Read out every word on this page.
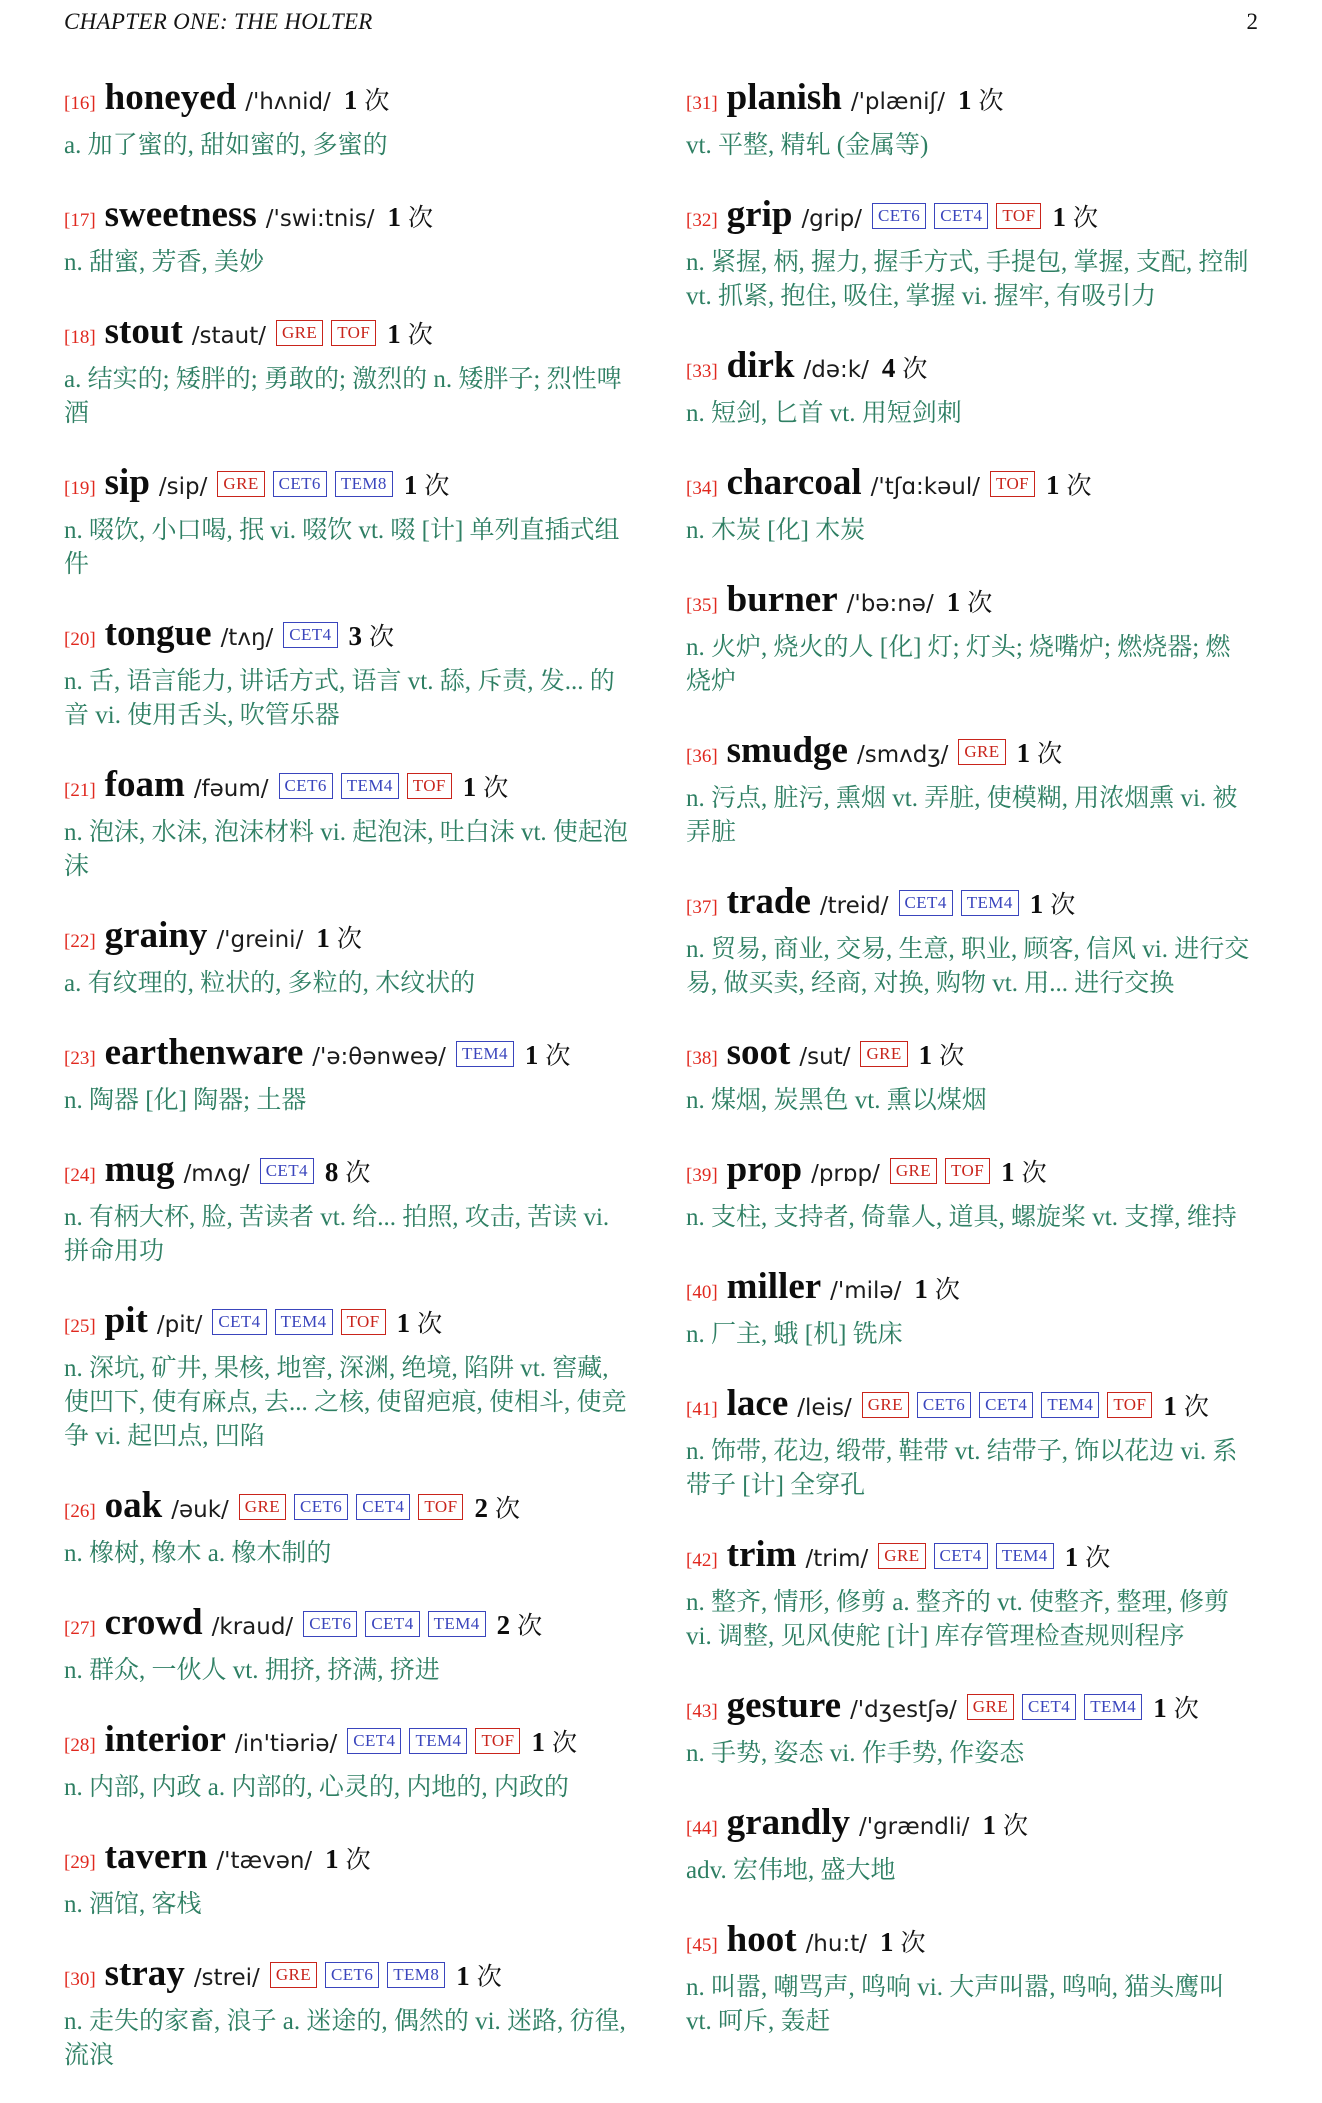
CHAPTER ONE: THE HOLTER	2
[16] honeyed /'hʌnid/ 1 次
a. 加了蜜的, 甜如蜜的, 多蜜的
[17] sweetness /'swi:tnis/ 1 次
n. 甜蜜, 芳香, 美妙
[18] stout /staut/ GRE TOF 1 次
a. 结实的; 矮胖的; 勇敢的; 激烈的 n. 矮胖子; 烈性啤酒
[19] sip /sip/ GRE CET6 TEM8 1 次
n. 啜饮, 小口喝, 抿 vi. 啜饮 vt. 啜 [计] 单列直插式组件
[20] tongue /tʌŋ/ CET4 3 次
n. 舌, 语言能力, 讲话方式, 语言 vt. 舔, 斥责, 发... 的音 vi. 使用舌头, 吹管乐器
[21] foam /fəum/ CET6 TEM4 TOF 1 次
n. 泡沫, 水沫, 泡沫材料 vi. 起泡沫, 吐白沫 vt. 使起泡沫
[22] grainy /'greini/ 1 次
a. 有纹理的, 粒状的, 多粒的, 木纹状的
[23] earthenware /'ə:θənweə/ TEM4 1 次
n. 陶器 [化] 陶器; 土器
[24] mug /mʌg/ CET4 8 次
n. 有柄大杯, 脸, 苦读者 vt. 给... 拍照, 攻击, 苦读 vi. 拼命用功
[25] pit /pit/ CET4 TEM4 TOF 1 次
n. 深坑, 矿井, 果核, 地窖, 深渊, 绝境, 陷阱 vt. 窖藏, 使凹下, 使有麻点, 去... 之核, 使留疤痕, 使相斗, 使竞争 vi. 起凹点, 凹陷
[26] oak /əuk/ GRE CET6 CET4 TOF 2 次
n. 橡树, 橡木 a. 橡木制的
[27] crowd /kraud/ CET6 CET4 TEM4 2 次
n. 群众, 一伙人 vt. 拥挤, 挤满, 挤进
[28] interior /in'tiəriə/ CET4 TEM4 TOF 1 次
n. 内部, 内政 a. 内部的, 心灵的, 内地的, 内政的
[29] tavern /'tævən/ 1 次
n. 酒馆, 客栈
[30] stray /strei/ GRE CET6 TEM8 1 次
n. 走失的家畜, 浪子 a. 迷途的, 偶然的 vi. 迷路, 彷徨, 流浪
[31] planish /'plæniʃ/ 1 次
vt. 平整, 精轧 (金属等)
[32] grip /grip/ CET6 CET4 TOF 1 次
n. 紧握, 柄, 握力, 握手方式, 手提包, 掌握, 支配, 控制 vt. 抓紧, 抱住, 吸住, 掌握 vi. 握牢, 有吸引力
[33] dirk /də:k/ 4 次
n. 短剑, 匕首 vt. 用短剑刺
[34] charcoal /'tʃɑ:kəul/ TOF 1 次
n. 木炭 [化] 木炭
[35] burner /'bə:nə/ 1 次
n. 火炉, 烧火的人 [化] 灯; 灯头; 烧嘴炉; 燃烧器; 燃烧炉
[36] smudge /smʌdʒ/ GRE 1 次
n. 污点, 脏污, 熏烟 vt. 弄脏, 使模糊, 用浓烟熏 vi. 被弄脏
[37] trade /treid/ CET4 TEM4 1 次
n. 贸易, 商业, 交易, 生意, 职业, 顾客, 信风 vi. 进行交易, 做买卖, 经商, 对换, 购物 vt. 用... 进行交换
[38] soot /sut/ GRE 1 次
n. 煤烟, 炭黑色 vt. 熏以煤烟
[39] prop /prɒp/ GRE TOF 1 次
n. 支柱, 支持者, 倚靠人, 道具, 螺旋桨 vt. 支撑, 维持
[40] miller /'milə/ 1 次
n. 厂主, 蛾 [机] 铣床
[41] lace /leis/ GRE CET6 CET4 TEM4 TOF 1 次
n. 饰带, 花边, 缎带, 鞋带 vt. 结带子, 饰以花边 vi. 系带子 [计] 全穿孔
[42] trim /trim/ GRE CET4 TEM4 1 次
n. 整齐, 情形, 修剪 a. 整齐的 vt. 使整齐, 整理, 修剪 vi. 调整, 见风使舵 [计] 库存管理检查规则程序
[43] gesture /'dʒestʃə/ GRE CET4 TEM4 1 次
n. 手势, 姿态 vi. 作手势, 作姿态
[44] grandly /'grændli/ 1 次
adv. 宏伟地, 盛大地
[45] hoot /hu:t/ 1 次
n. 叫嚣, 嘲骂声, 鸣响 vi. 大声叫嚣, 鸣响, 猫头鹰叫 vt. 呵斥, 轰赶
